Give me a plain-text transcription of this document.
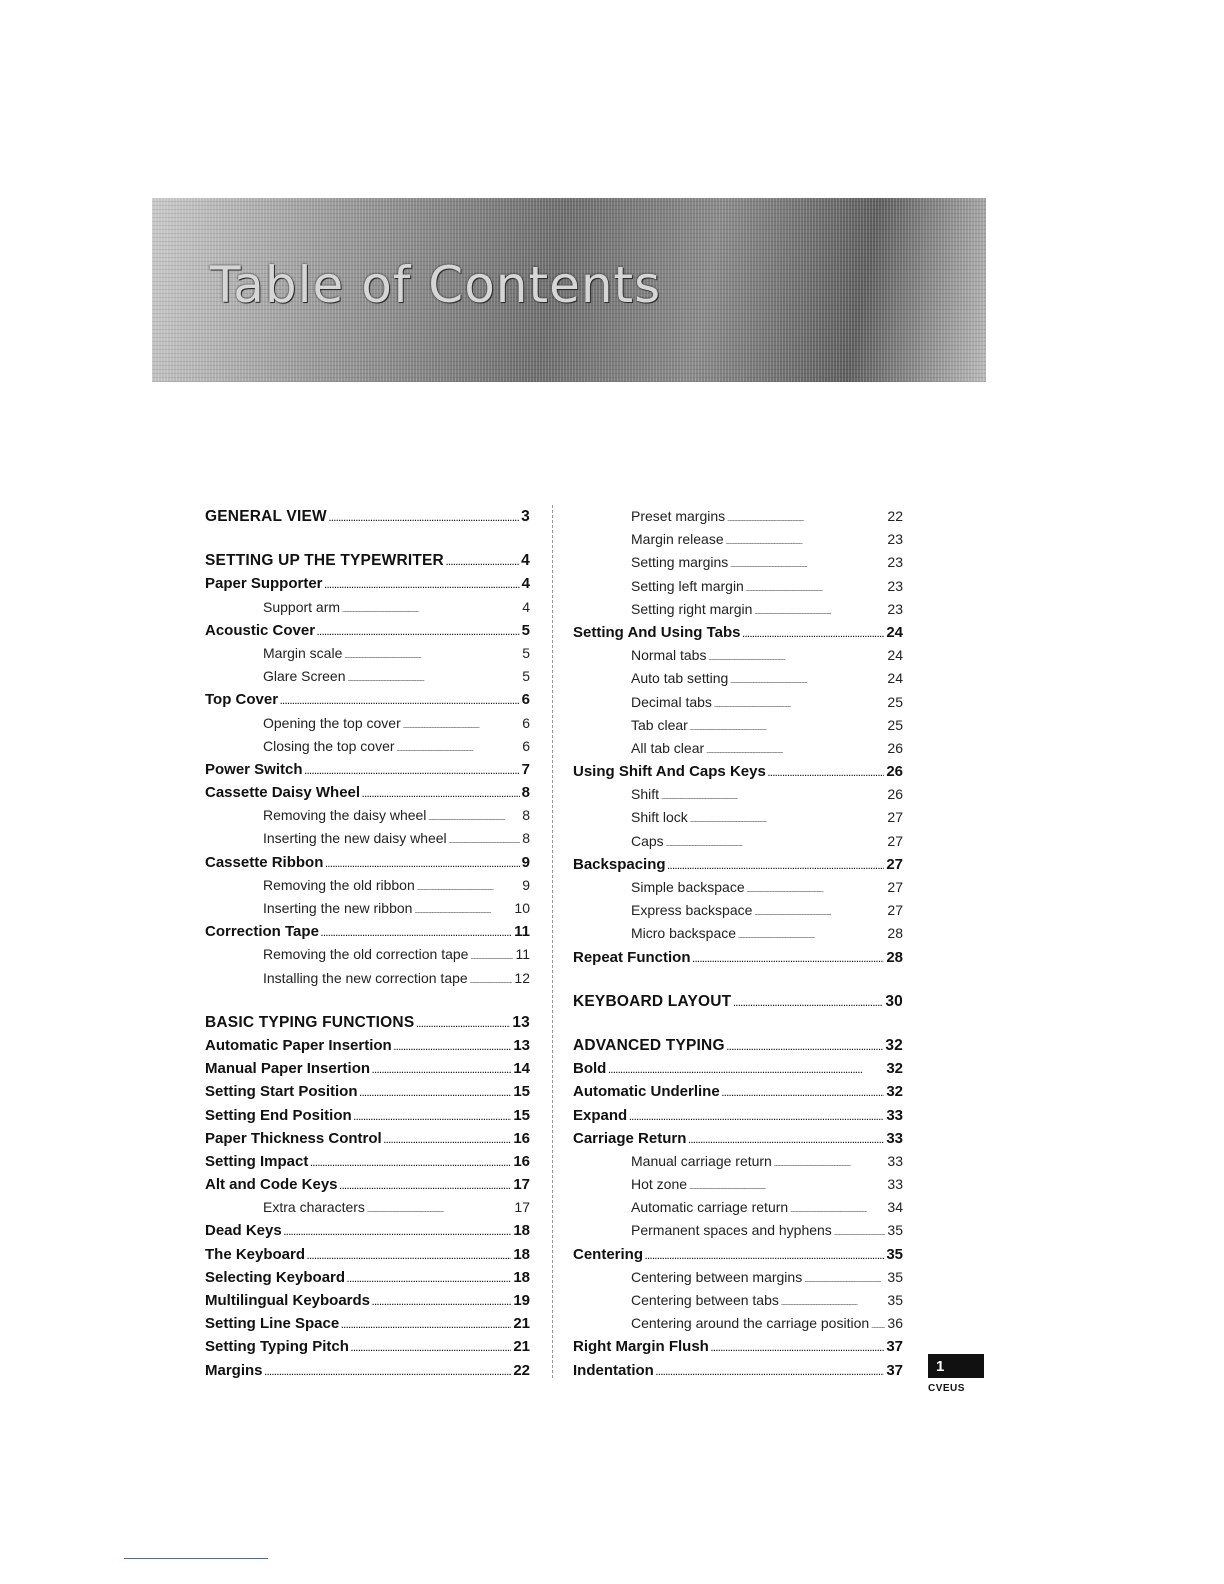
Table of Contents
GENERAL VIEW . . .	3
SETTING UP THE TYPEWRITER . . .	4
Paper Supporter . . .	4
Support arm . . .	4
Acoustic Cover . . .	5
Margin scale . . .	5
Glare Screen . . .	5
Top Cover . . .	6
Opening the top cover . . .	6
Closing the top cover . . .	6
Power Switch . . .	7
Cassette Daisy Wheel . . .	8
Removing the daisy wheel . . .	8
Inserting the new daisy wheel . . .	8
Cassette Ribbon . . .	9
Removing the old ribbon . . .	9
Inserting the new ribbon . . .	10
Correction Tape . . .	11
Removing the old correction tape . . .	11
Installing the new correction tape . . .	12
BASIC TYPING FUNCTIONS . . .	13
Automatic Paper Insertion . . .	13
Manual Paper Insertion . . .	14
Setting Start Position . . .	15
Setting End Position . . .	15
Paper Thickness Control . . .	16
Setting Impact . . .	16
Alt and Code Keys . . .	17
Extra characters . . .	17
Dead Keys . . .	18
The Keyboard . . .	18
Selecting Keyboard . . .	18
Multilingual Keyboards . . .	19
Setting Line Space . . .	21
Setting Typing Pitch . . .	21
Margins . . .	22
Preset margins . . .	22
Margin release . . .	23
Setting margins . . .	23
Setting left margin . . .	23
Setting right margin . . .	23
Setting And Using Tabs . . .	24
Normal tabs . . .	24
Auto tab setting . . .	24
Decimal tabs . . .	25
Tab clear . . .	25
All tab clear . . .	26
Using Shift And Caps Keys . . .	26
Shift . . .	26
Shift lock . . .	27
Caps . . .	27
Backspacing . . .	27
Simple backspace . . .	27
Express backspace . . .	27
Micro backspace . . .	28
Repeat Function . . .	28
KEYBOARD LAYOUT . . .	30
ADVANCED TYPING . . .	32
Bold . . .	32
Automatic Underline . . .	32
Expand . . .	33
Carriage Return . . .	33
Manual carriage return . . .	33
Hot zone . . .	33
Automatic carriage return . . .	34
Permanent spaces and hyphens . . .	35
Centering . . .	35
Centering between margins . . .	35
Centering between tabs . . .	35
Centering around the carriage position . . . 36
Right Margin Flush . . .	37
Indentation . . .	37 1
CVEUS
